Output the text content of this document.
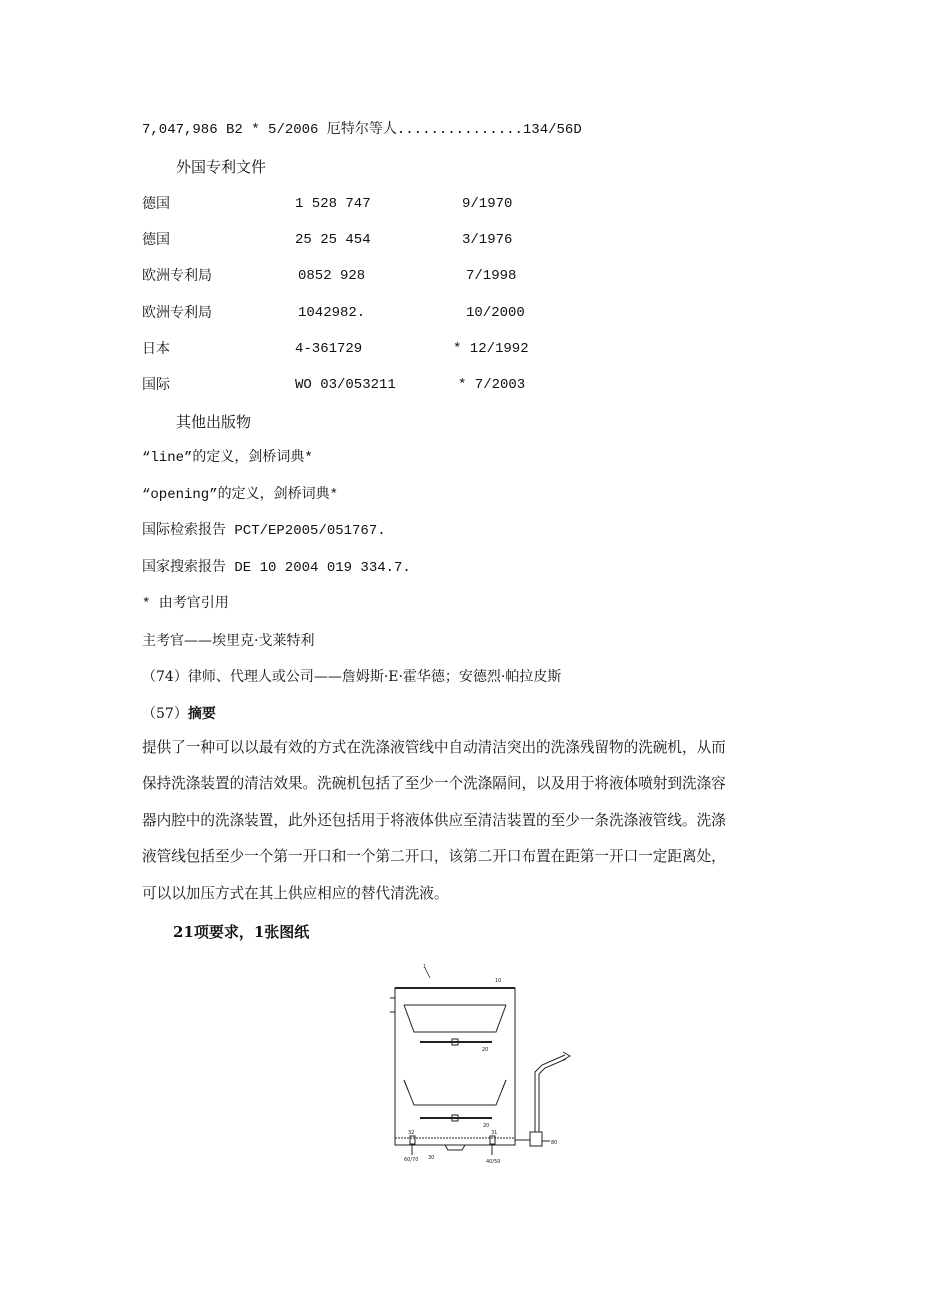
7,047,986 B2 * 5/2006 厄特尔等人...............134/56D
外国专利文件
德国	1 528 747	9/1970
德国	25 25 454	3/1976
欧洲专利局	0852 928	7/1998
欧洲专利局	1042982.	10/2000
日本	4-361729	* 12/1992
国际	WO 03/053211	* 7/2003
其他出版物
“line”的定义，剑桥词典*
“opening”的定义，剑桥词典*
国际检索报告 PCT/EP2005/051767.
国家搜索报告 DE 10 2004 019 334.7.
* 由考官引用
主考官——埃里克·戈莱特利
（74）律师、代理人或公司——詹姆斯·E·霍华德；安德烈·帕拉皮斯
（57）摘要
提供了一种可以以最有效的方式在洗涤液管线中自动清洁突出的洗涤残留物的洗碗机，从而
保持洗涤装置的清洁效果。洗碗机包括了至少一个洗涤隔间，以及用于将液体喷射到洗涤容
器内腔中的洗涤装置，此外还包括用于将液体供应至清洁装置的至少一条洗涤液管线。洗涤
液管线包括至少一个第一开口和一个第二开口，该第二开口布置在距第一开口一定距离处，
可以以加压方式在其上供应相应的替代清洗液。
21项要求，1张图纸
1
10
20
20
32	31
60/70 30
40/50
80
